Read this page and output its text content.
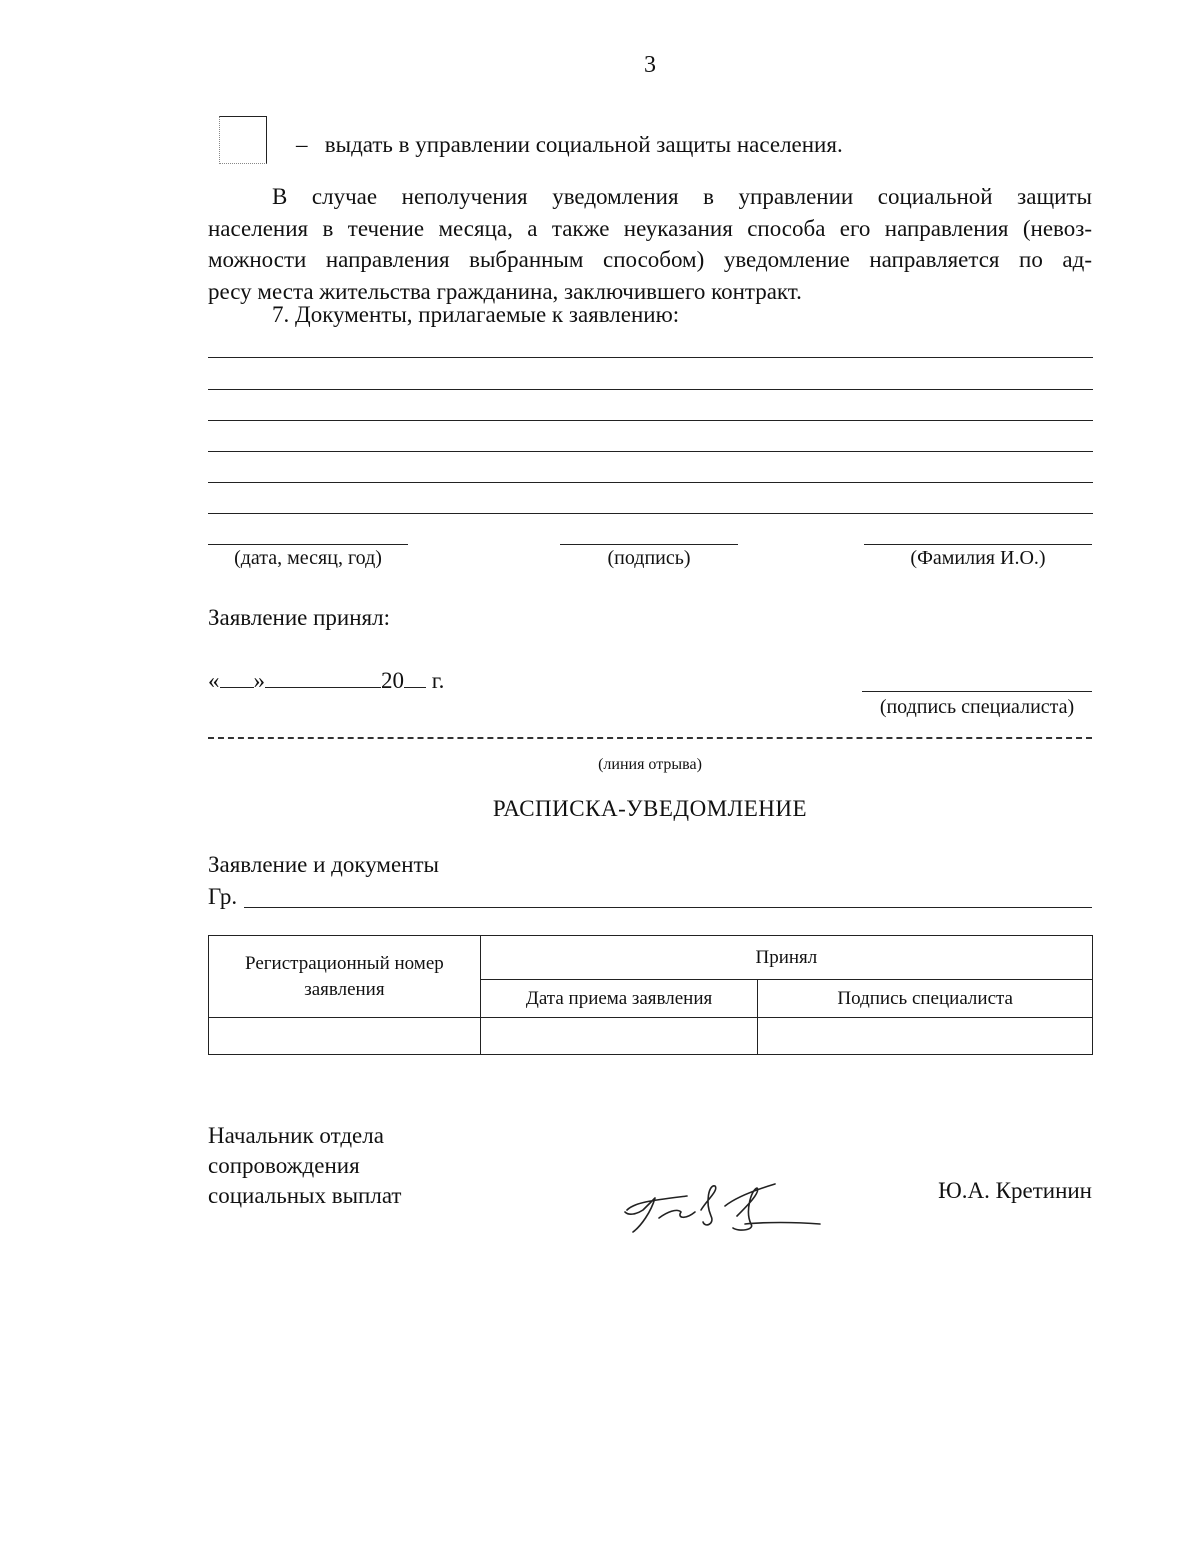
3
– выдать в управлении социальной защиты населения.
В случае неполучения уведомления в управлении социальной защиты
населения в течение месяца, а также неуказания способа его направления (невоз-
можности направления выбранным способом) уведомление направляется по ад-
ресу места жительства гражданина, заключившего контракт.
7. Документы, прилагаемые к заявлению:
(дата, месяц, год)	(подпись)	(Фамилия И.О.)
Заявление принял:
« »	20 г.
(подпись специалиста)
(линия отрыва)
РАСПИСКА-УВЕДОМЛЕНИЕ
Заявление и документы
Гр.
Регистрационный номер
заявления	Принял	
	Дата приема заявления	Подпись специалиста

Начальник отдела
сопровождения
социальных выплат	Ю.А. Кретинин
